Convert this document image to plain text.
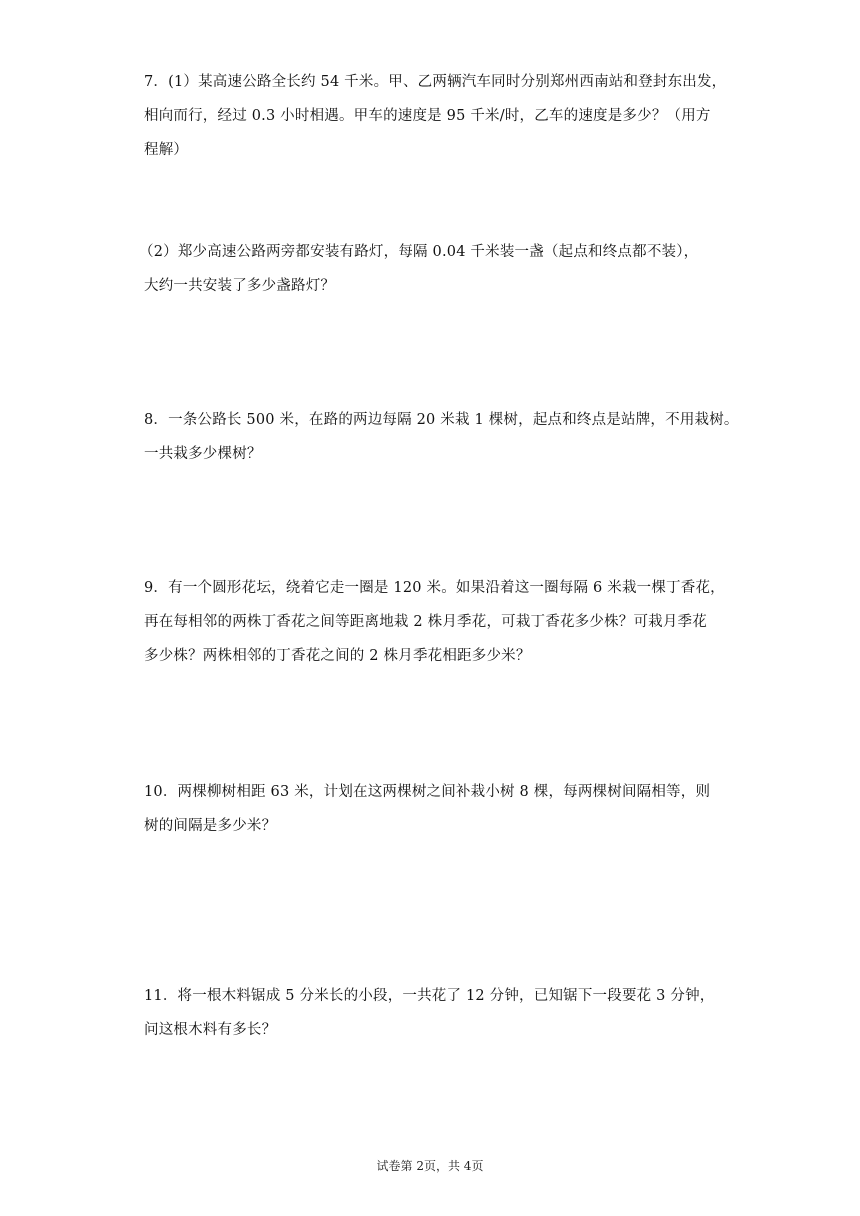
7．(1）某高速公路全长约 54 千米。甲、乙两辆汽车同时分别郑州西南站和登封东出发，
相向而行，经过 0.3 小时相遇。甲车的速度是 95 千米/时，乙车的速度是多少？（用方
程解）
（2）郑少高速公路两旁都安装有路灯，每隔 0.04 千米装一盏（起点和终点都不装），
大约一共安装了多少盏路灯？
8．一条公路长 500 米，在路的两边每隔 20 米栽 1 棵树，起点和终点是站牌，不用栽树。
一共栽多少棵树？
9．有一个圆形花坛，绕着它走一圈是 120 米。如果沿着这一圈每隔 6 米栽一棵丁香花，
再在每相邻的两株丁香花之间等距离地栽 2 株月季花，可栽丁香花多少株？可栽月季花
多少株？两株相邻的丁香花之间的 2 株月季花相距多少米？
10．两棵柳树相距 63 米，计划在这两棵树之间补栽小树 8 棵，每两棵树间隔相等，则
树的间隔是多少米？
11．将一根木料锯成 5 分米长的小段，一共花了 12 分钟，已知锯下一段要花 3 分钟，
问这根木料有多长？
试卷第 2页，共 4页
